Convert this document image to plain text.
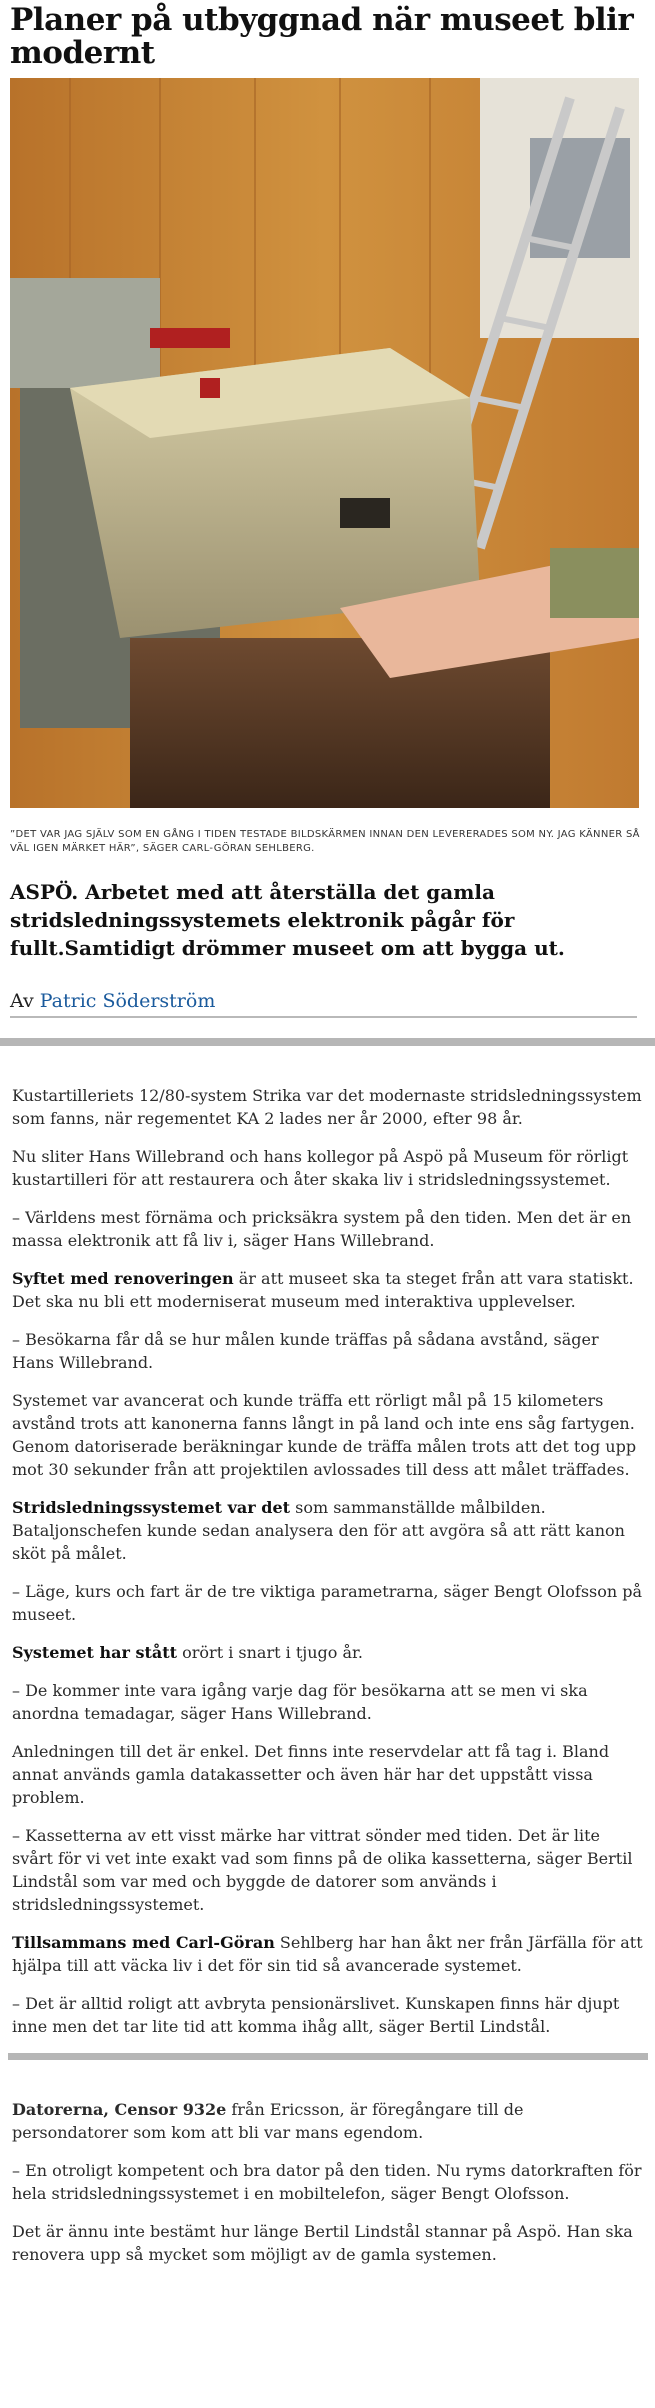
Planer på utbyggnad när museet blir modernt

”DET VAR JAG SJÄLV SOM EN GÅNG I TIDEN TESTADE BILDSKÄRMEN INNAN DEN LEVERERADES SOM NY. JAG KÄNNER SÅ VÄL IGEN MÄRKET HÄR”, SÄGER CARL-GÖRAN SEHLBERG.

ASPÖ. Arbetet med att återställa det gamla stridsledningssystemets elektronik pågår för fullt.Samtidigt drömmer museet om att bygga ut.

Av Patric Söderström

Kustartilleriets 12/80-system Strika var det modernaste stridsledningssystem som fanns, när regementet KA 2 lades ner år 2000, efter 98 år.

Nu sliter Hans Willebrand och hans kollegor på Aspö på Museum för rörligt kustartilleri för att restaurera och åter skaka liv i stridsledningssystemet.

– Världens mest förnäma och pricksäkra system på den tiden. Men det är en massa elektronik att få liv i, säger Hans Willebrand.

Syftet med renoveringen är att museet ska ta steget från att vara statiskt. Det ska nu bli ett moderniserat museum med interaktiva upplevelser.

– Besökarna får då se hur målen kunde träffas på sådana avstånd, säger Hans Willebrand.

Systemet var avancerat och kunde träffa ett rörligt mål på 15 kilometers avstånd trots att kanonerna fanns långt in på land och inte ens såg fartygen. Genom datoriserade beräkningar kunde de träffa målen trots att det tog upp mot 30 sekunder från att projektilen avlossades till dess att målet träffades.

Stridsledningssystemet var det som sammanställde målbilden. Bataljonschefen kunde sedan analysera den för att avgöra så att rätt kanon sköt på målet.

– Läge, kurs och fart är de tre viktiga parametrarna, säger Bengt Olofsson på museet.

Systemet har stått orört i snart i tjugo år.

– De kommer inte vara igång varje dag för besökarna att se men vi ska anordna temadagar, säger Hans Willebrand.

Anledningen till det är enkel. Det finns inte reservdelar att få tag i. Bland annat används gamla datakassetter och även här har det uppstått vissa problem.

– Kassetterna av ett visst märke har vittrat sönder med tiden. Det är lite svårt för vi vet inte exakt vad som finns på de olika kassetterna, säger Bertil Lindstål som var med och byggde de datorer som används i stridsledningssystemet.

Tillsammans med Carl-Göran Sehlberg har han åkt ner från Järfälla för att hjälpa till att väcka liv i det för sin tid så avancerade systemet.

– Det är alltid roligt att avbryta pensionärslivet. Kunskapen finns här djupt inne men det tar lite tid att komma ihåg allt, säger Bertil Lindstål.

Datorerna, Censor 932e från Ericsson, är föregångare till de persondatorer som kom att bli var mans egendom.

– En otroligt kompetent och bra dator på den tiden. Nu ryms datorkraften för hela stridsledningssystemet i en mobiltelefon, säger Bengt Olofsson.

Det är ännu inte bestämt hur länge Bertil Lindstål stannar på Aspö. Han ska renovera upp så mycket som möjligt av de gamla systemen.
